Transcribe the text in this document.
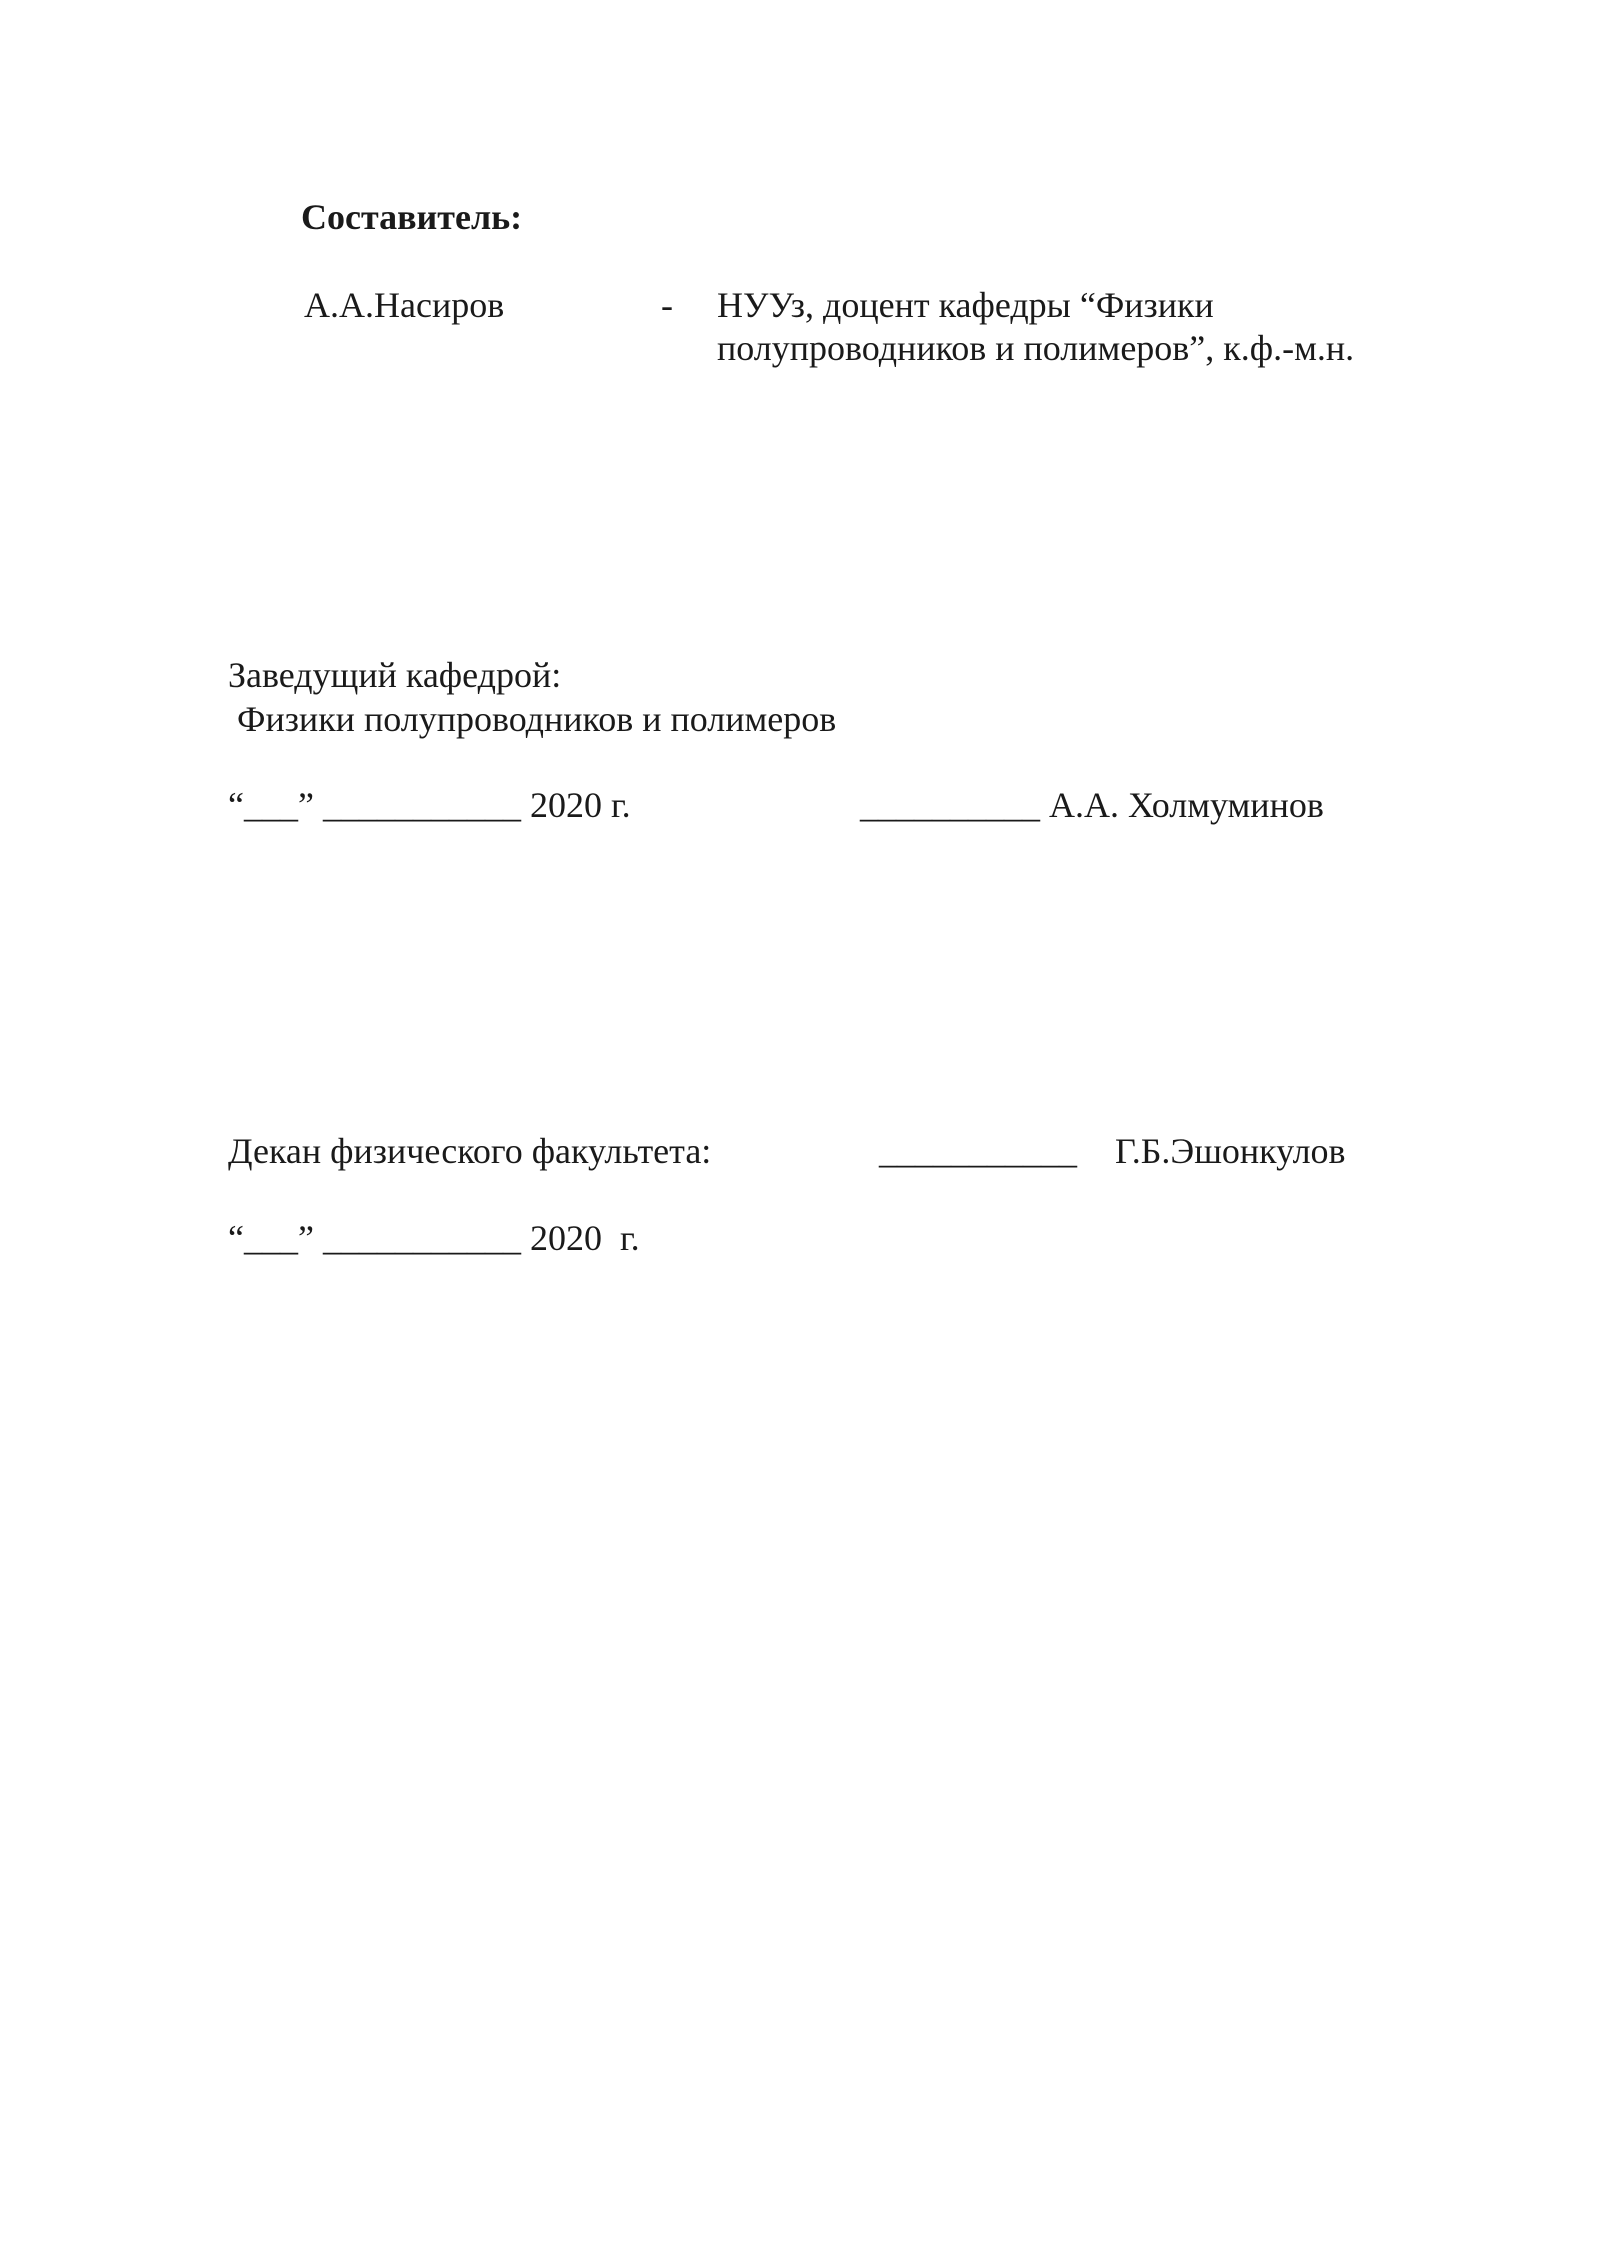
Составитель:
А.А.Насиров	- НУУз, доцент кафедры “Физики
полупроводников и полимеров”, к.ф.-м.н.
Заведущий кафедрой:
Физики полупроводников и полимеров
“___” ___________ 2020 г.	__________ А.А. Холмуминов
Декан физического факультета:	___________ Г.Б.Эшонкулов
“___” ___________ 2020  г.
